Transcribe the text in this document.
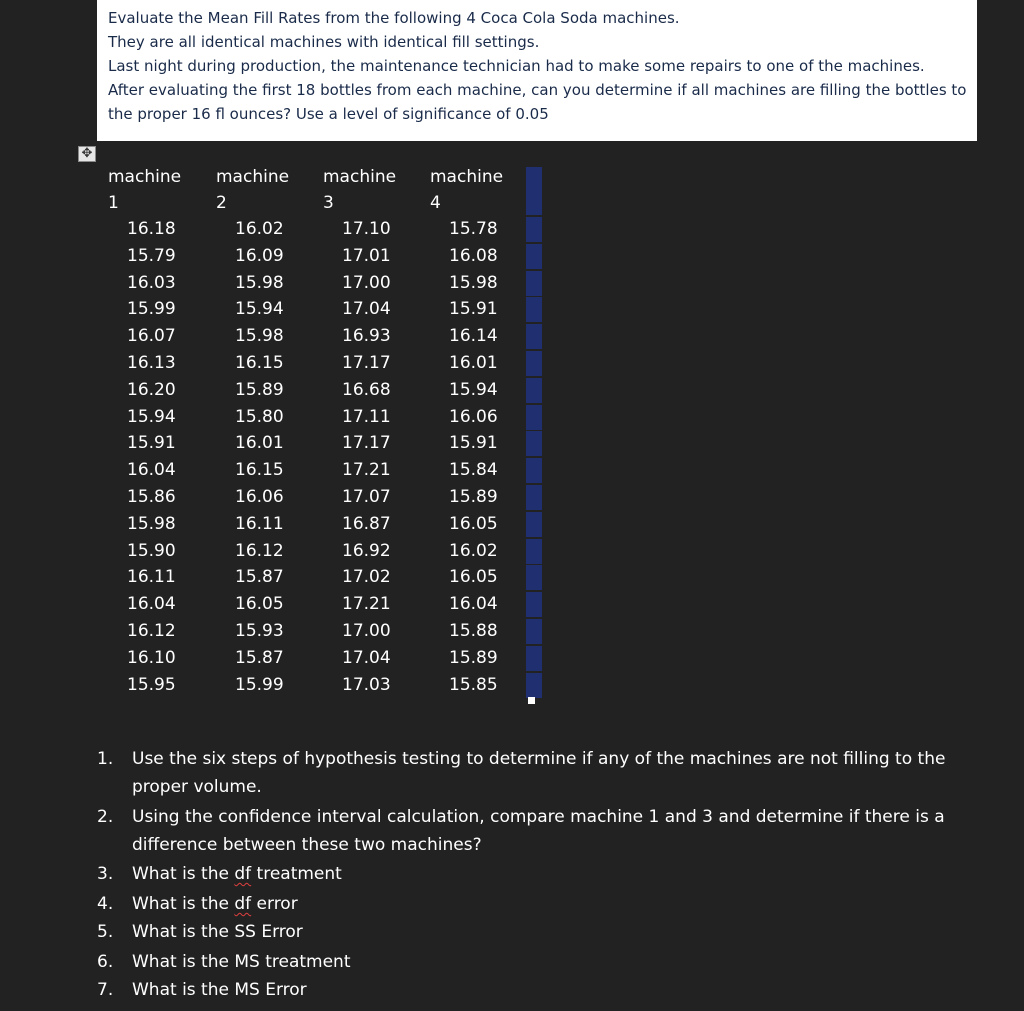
Evaluate the Mean Fill Rates from the following 4 Coca Cola Soda machines.

They are all identical machines with identical fill settings.

Last night during production, the maintenance technician had to make some repairs to one of the machines.

After evaluating the first 18 bottles from each machine, can you determine if all machines are filling the bottles to

the proper 16 fl ounces? Use a level of significance of 0.05

✥
machine
1
machine
2
machine
3
machine
4
16.18	16.02	17.10	15.78
15.79	16.09	17.01	16.08
16.03	15.98	17.00	15.98
15.99	15.94	17.04	15.91
16.07	15.98	16.93	16.14
16.13	16.15	17.17	16.01
16.20	15.89	16.68	15.94
15.94	15.80	17.11	16.06
15.91	16.01	17.17	15.91
16.04	16.15	17.21	15.84
15.86	16.06	17.07	15.89
15.98	16.11	16.87	16.05
15.90	16.12	16.92	16.02
16.11	15.87	17.02	16.05
16.04	16.05	17.21	16.04
16.12	15.93	17.00	15.88
16.10	15.87	17.04	15.89
15.95	15.99	17.03	15.85
1. Use the six steps of hypothesis testing to determine if any of the machines are not filling to the
proper volume.
2. Using the confidence interval calculation, compare machine 1 and 3 and determine if there is a
difference between these two machines?
3. What is the df treatment
4. What is the df error
5. What is the SS Error
6. What is the MS treatment
7. What is the MS Error
